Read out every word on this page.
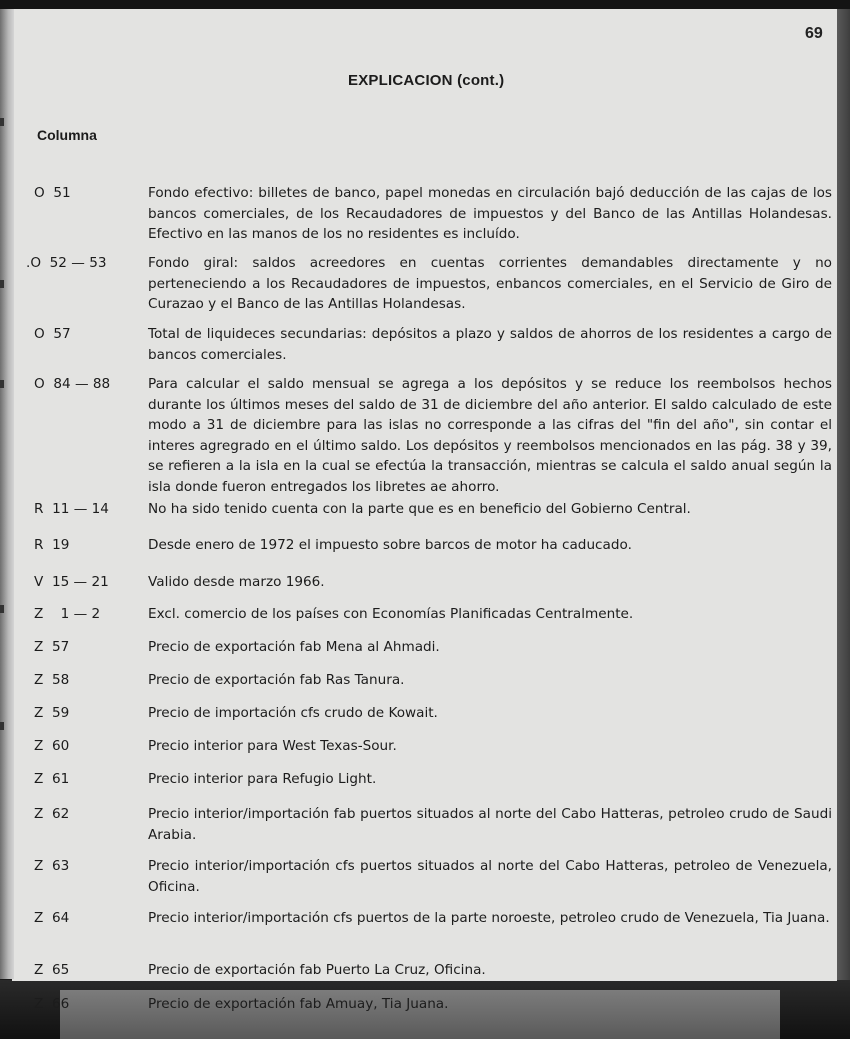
69
EXPLICACION (cont.)
Columna
O  51	Fondo efectivo: billetes de banco, papel monedas en circulación bajó deducción de las cajas de los bancos comerciales, de los Recaudadores de impuestos y del Banco de las Antillas Holandesas. Efectivo en las manos de los no residentes es incluído.
.O  52 — 53	Fondo giral: saldos acreedores en cuentas corrientes demandables directamente y no perteneciendo a los Recaudadores de impuestos, enbancos comerciales, en el Servicio de Giro de Curazao y el Banco de las Antillas Holandesas.
O  57	Total de liquideces secundarias: depósitos a plazo y saldos de ahorros de los residentes a cargo de bancos comerciales.
O  84 — 88	Para calcular el saldo mensual se agrega a los depósitos y se reduce los reembolsos hechos durante los últimos meses del saldo de 31 de diciembre del año anterior. El saldo calculado de este modo a 31 de diciembre para las islas no corresponde a las cifras del "fin del año", sin contar el interes agregrado en el último saldo. Los depósitos y reembolsos mencionados en las pág. 38 y 39, se refieren a la isla en la cual se efectúa la transacción, mientras se calcula el saldo anual según la isla donde fueron entregados los libretes ae ahorro.
R  11 — 14	No ha sido tenido cuenta con la parte que es en beneficio del Gobierno Central.
R  19	Desde enero de 1972 el impuesto sobre barcos de motor ha caducado.
V  15 — 21	Valido desde marzo 1966.
Z    1 — 2	Excl. comercio de los países con Economías Planificadas Centralmente.
Z  57	Precio de exportación fab Mena al Ahmadi.
Z  58	Precio de exportación fab Ras Tanura.
Z  59	Precio de importación cfs crudo de Kowait.
Z  60	Precio interior para West Texas-Sour.
Z  61	Precio interior para Refugio Light.
Z  62	Precio interior/importación fab puertos situados al norte del Cabo Hatteras, petroleo crudo de Saudi Arabia.
Z  63	Precio interior/importación cfs puertos situados al norte del Cabo Hatteras, petroleo de Venezuela, Oficina.
Z  64	Precio interior/importación cfs puertos de la parte noroeste, petroleo crudo de Venezuela, Tia Juana.
Z  65	Precio de exportación fab Puerto La Cruz, Oficina.
Z  66	Precio de exportación fab Amuay, Tia Juana.
